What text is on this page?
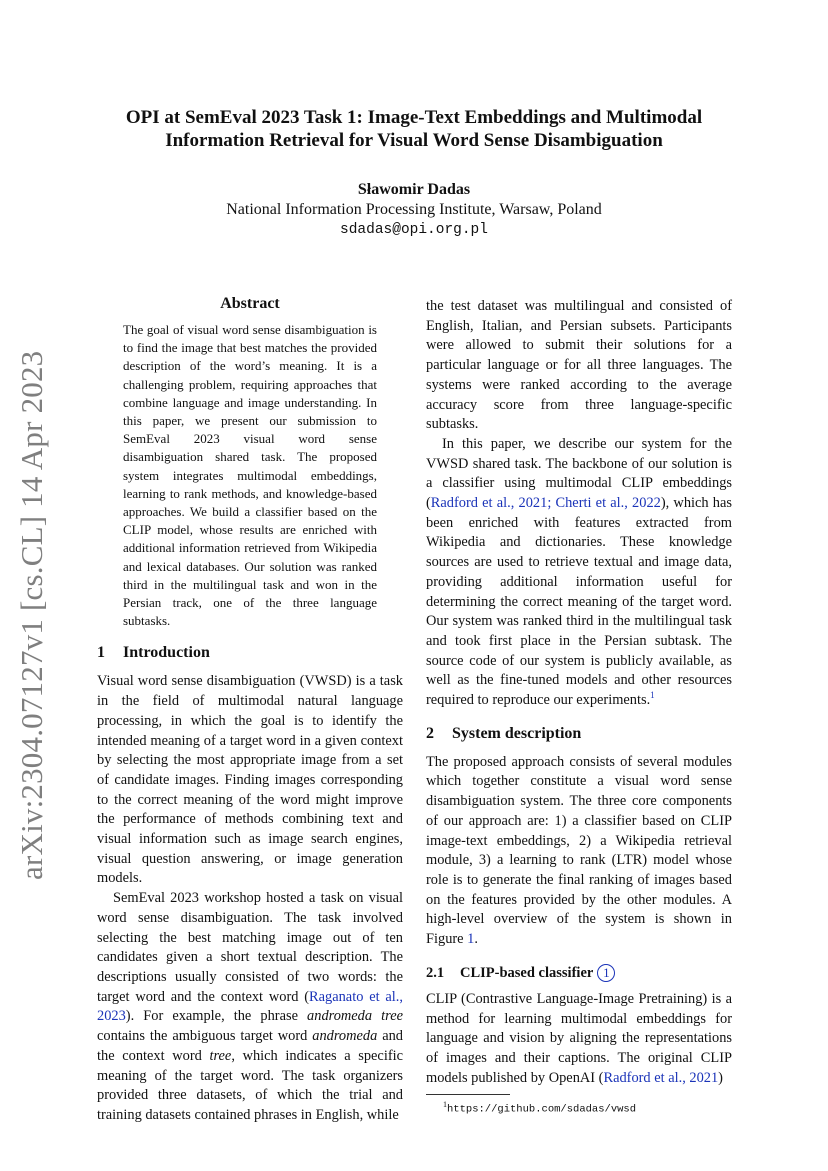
arXiv:2304.07127v1 [cs.CL] 14 Apr 2023
OPI at SemEval 2023 Task 1: Image-Text Embeddings and Multimodal
Information Retrieval for Visual Word Sense Disambiguation
Sławomir Dadas
National Information Processing Institute, Warsaw, Poland
sdadas@opi.org.pl
Abstract

The goal of visual word sense disambiguation is to find the image that best matches the provided description of the word’s meaning. It is a challenging problem, requiring approaches that combine language and image understanding. In this paper, we present our submission to SemEval 2023 visual word sense disambiguation shared task. The proposed system integrates multimodal embeddings, learning to rank methods, and knowledge-based approaches. We build a classifier based on the CLIP model, whose results are enriched with additional information retrieved from Wikipedia and lexical databases. Our solution was ranked third in the multilingual task and won in the Persian track, one of the three language subtasks.

1 Introduction

Visual word sense disambiguation (VWSD) is a task in the field of multimodal natural language processing, in which the goal is to identify the intended meaning of a target word in a given context by selecting the most appropriate image from a set of candidate images. Finding images corresponding to the correct meaning of the word might improve the performance of methods combining text and visual information such as image search engines, visual question answering, or image generation models.

SemEval 2023 workshop hosted a task on visual word sense disambiguation. The task involved selecting the best matching image out of ten candidates given a short textual description. The descriptions usually consisted of two words: the target word and the context word (Raganato et al., 2023). For example, the phrase andromeda tree contains the ambiguous target word andromeda and the context word tree, which indicates a specific meaning of the target word. The task organizers provided three datasets, of which the trial and training datasets contained phrases in English, while

the test dataset was multilingual and consisted of English, Italian, and Persian subsets. Participants were allowed to submit their solutions for a particular language or for all three languages. The systems were ranked according to the average accuracy score from three language-specific subtasks.

In this paper, we describe our system for the VWSD shared task. The backbone of our solution is a classifier using multimodal CLIP embeddings (Radford et al., 2021; Cherti et al., 2022), which has been enriched with features extracted from Wikipedia and dictionaries. These knowledge sources are used to retrieve textual and image data, providing additional information useful for determining the correct meaning of the target word. Our system was ranked third in the multilingual task and took first place in the Persian subtask. The source code of our system is publicly available, as well as the fine-tuned models and other resources required to reproduce our experiments.$^1$

2 System description

The proposed approach consists of several modules which together constitute a visual word sense disambiguation system. The three core components of our approach are: 1) a classifier based on CLIP image-text embeddings, 2) a Wikipedia retrieval module, 3) a learning to rank (LTR) model whose role is to generate the final ranking of images based on the features provided by the other modules. A high-level overview of the system is shown in Figure 1.

2.1 CLIP-based classifier 1

CLIP (Contrastive Language-Image Pretraining) is a method for learning multimodal embeddings for language and vision by aligning the representations of images and their captions. The original CLIP models published by OpenAI (Radford et al., 2021)

$^1$https://github.com/sdadas/vwsd
